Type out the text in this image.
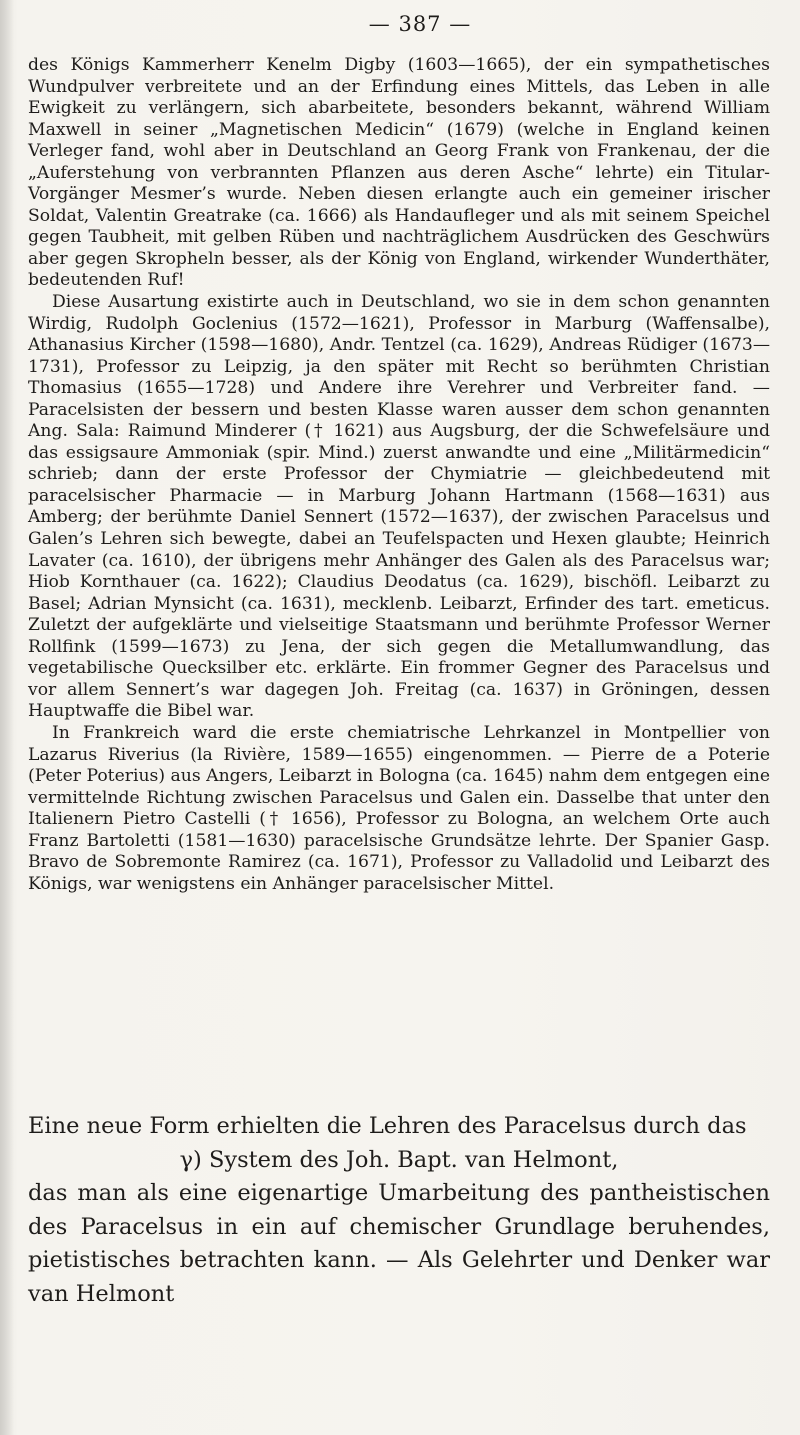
— 387 —

des Königs Kammerherr Kenelm Digby (1603—1665), der ein sympathetisches Wundpulver verbreitete und an der Erfindung eines Mittels, das Leben in alle Ewigkeit zu verlängern, sich abarbeitete, besonders bekannt, während William Maxwell in seiner „Magnetischen Medicin“ (1679) (welche in England keinen Verleger fand, wohl aber in Deutschland an Georg Frank von Frankenau, der die „Auferstehung von verbrannten Pflanzen aus deren Asche“ lehrte) ein Titular-Vorgänger Mesmer’s wurde. Neben diesen erlangte auch ein gemeiner irischer Soldat, Valentin Greatrake (ca. 1666) als Handaufleger und als mit seinem Speichel gegen Taubheit, mit gelben Rüben und nachträglichem Ausdrücken des Geschwürs aber gegen Skropheln besser, als der König von England, wirkender Wunderthäter, bedeutenden Ruf!

Diese Ausartung existirte auch in Deutschland, wo sie in dem schon genannten Wirdig, Rudolph Goclenius (1572—1621), Professor in Marburg (Waffensalbe), Athanasius Kircher (1598—1680), Andr. Tentzel (ca. 1629), Andreas Rüdiger (1673—1731), Professor zu Leipzig, ja den später mit Recht so berühmten Christian Thomasius (1655—1728) und Andere ihre Verehrer und Verbreiter fand. — Paracelsisten der bessern und besten Klasse waren ausser dem schon genannten Ang. Sala: Raimund Minderer († 1621) aus Augsburg, der die Schwefelsäure und das essigsaure Ammoniak (spir. Mind.) zuerst anwandte und eine „Militärmedicin“ schrieb; dann der erste Professor der Chymiatrie — gleichbedeutend mit paracelsischer Pharmacie — in Marburg Johann Hartmann (1568—1631) aus Amberg; der berühmte Daniel Sennert (1572—1637), der zwischen Paracelsus und Galen’s Lehren sich bewegte, dabei an Teufelspacten und Hexen glaubte; Heinrich Lavater (ca. 1610), der übrigens mehr Anhänger des Galen als des Paracelsus war; Hiob Kornthauer (ca. 1622); Claudius Deodatus (ca. 1629), bischöfl. Leibarzt zu Basel; Adrian Mynsicht (ca. 1631), mecklenb. Leibarzt, Erfinder des tart. emeticus. Zuletzt der aufgeklärte und vielseitige Staatsmann und berühmte Professor Werner Rollfink (1599—1673) zu Jena, der sich gegen die Metallumwandlung, das vegetabilische Quecksilber etc. erklärte. Ein frommer Gegner des Paracelsus und vor allem Sennert’s war dagegen Joh. Freitag (ca. 1637) in Gröningen, dessen Hauptwaffe die Bibel war.

In Frankreich ward die erste chemiatrische Lehrkanzel in Montpellier von Lazarus Riverius (la Rivière, 1589—1655) eingenommen. — Pierre de a Poterie (Peter Poterius) aus Angers, Leibarzt in Bologna (ca. 1645) nahm dem entgegen eine vermittelnde Richtung zwischen Paracelsus und Galen ein. Dasselbe that unter den Italienern Pietro Castelli († 1656), Professor zu Bologna, an welchem Orte auch Franz Bartoletti (1581—1630) paracelsische Grundsätze lehrte. Der Spanier Gasp. Bravo de Sobremonte Ramirez (ca. 1671), Professor zu Valladolid und Leibarzt des Königs, war wenigstens ein Anhänger paracelsischer Mittel.

Eine neue Form erhielten die Lehren des Paracelsus durch das

γ) System des Joh. Bapt. van Helmont,

das man als eine eigenartige Umarbeitung des pantheistischen des Paracelsus in ein auf chemischer Grundlage beruhendes, pietistisches betrachten kann. — Als Gelehrter und Denker war van Helmont
